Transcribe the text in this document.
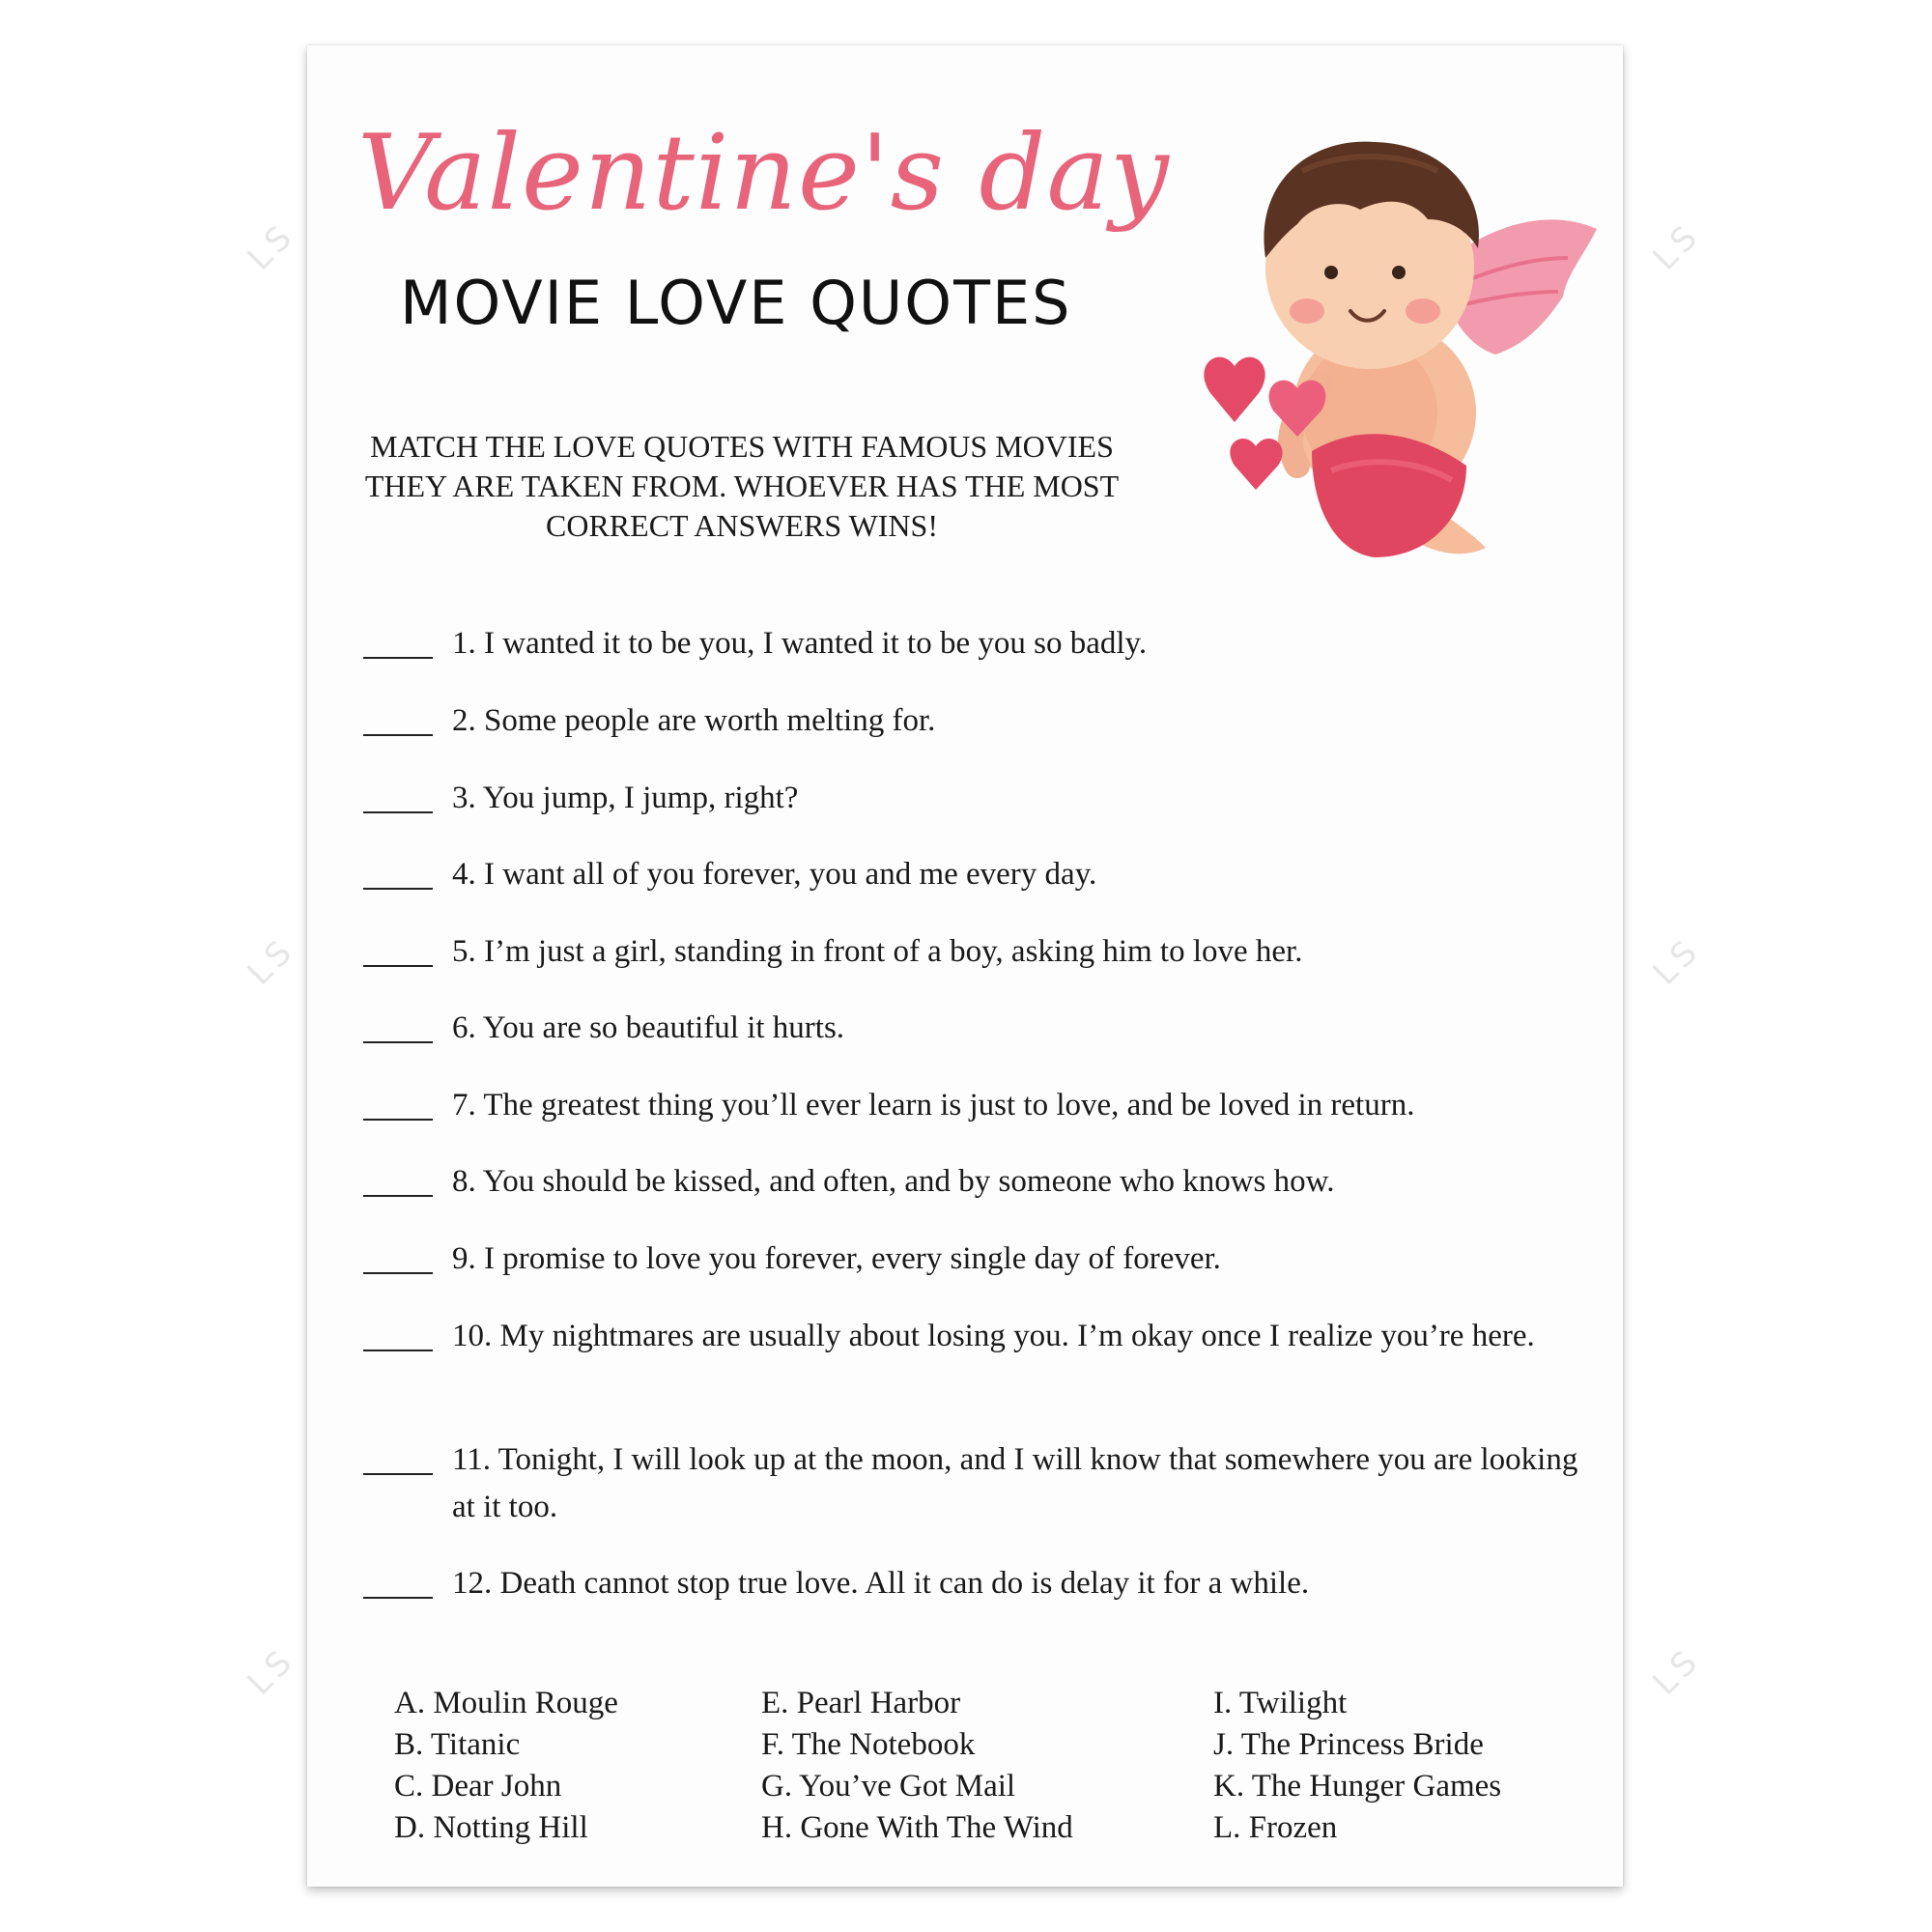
LS	LS
LS	LS
LS	LS
Valentine's day
MOVIE LOVE QUOTES
MATCH THE LOVE QUOTES WITH FAMOUS MOVIES THEY ARE TAKEN FROM. WHOEVER HAS THE MOST CORRECT ANSWERS WINS!
1. I wanted it to be you, I wanted it to be you so badly.
2. Some people are worth melting for.
3. You jump, I jump, right?
4. I want all of you forever, you and me every day.
5. I’m just a girl, standing in front of a boy, asking him to love her.
6. You are so beautiful it hurts.
7. The greatest thing you’ll ever learn is just to love, and be loved in return.
8. You should be kissed, and often, and by someone who knows how.
9. I promise to love you forever, every single day of forever.
10. My nightmares are usually about losing you. I’m okay once I realize you’re here.
11. Tonight, I will look up at the moon, and I will know that somewhere you are looking at it too.
12. Death cannot stop true love. All it can do is delay it for a while.
A. Moulin Rouge
B. Titanic
C. Dear John
D. Notting Hill
E. Pearl Harbor
F. The Notebook
G. You’ve Got Mail
H. Gone With The Wind
I. Twilight
J. The Princess Bride
K. The Hunger Games
L. Frozen
